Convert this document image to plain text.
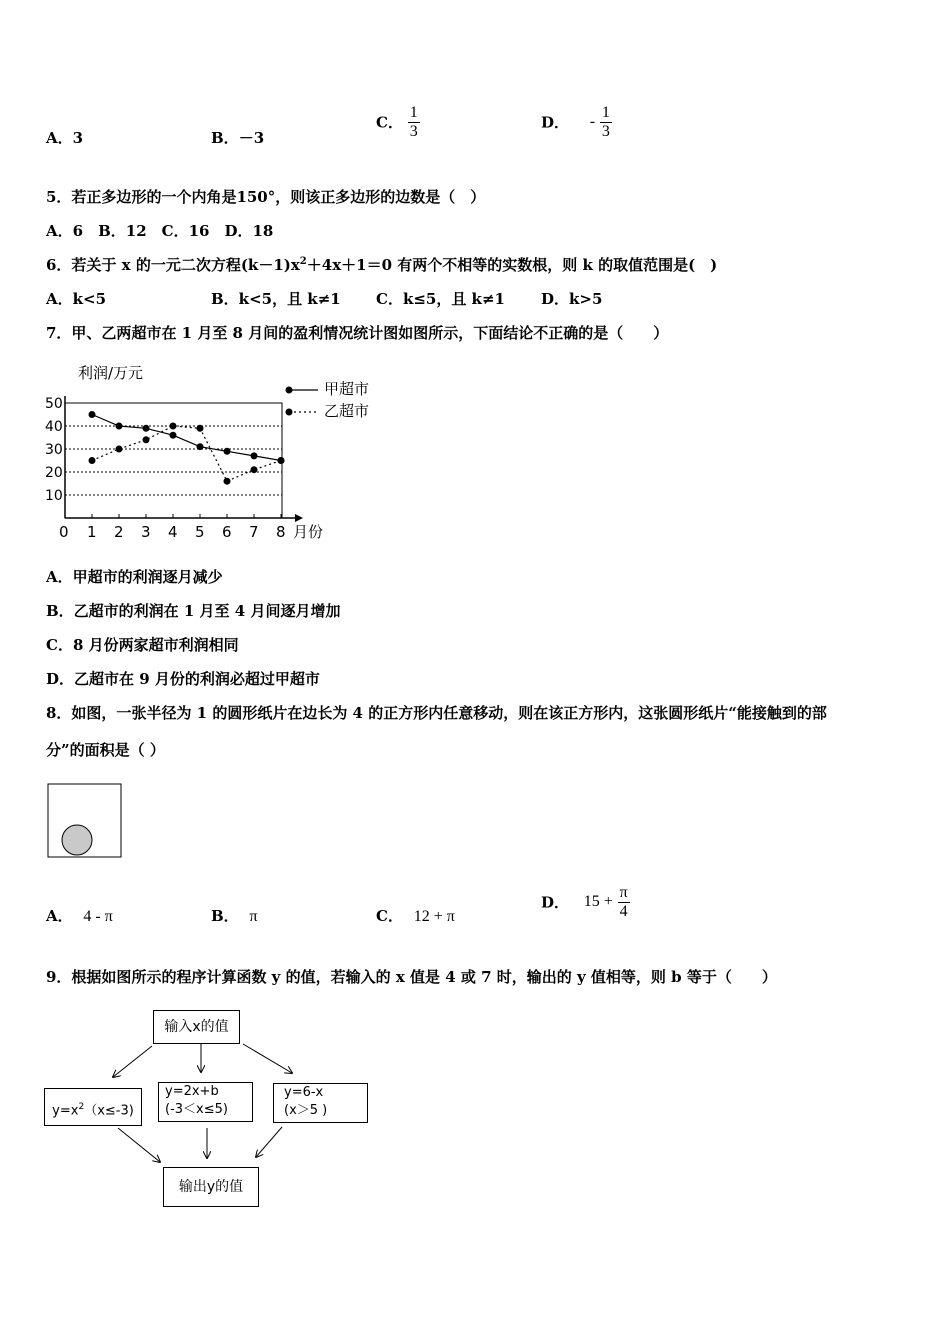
A．3	B．－3
C． $\frac{1}{3}$	D． - $\frac{1}{3}$
5．若正多边形的一个内角是150°，则该正多边形的边数是（　）
A．6　B．12　C．16　D．18
6．若关于 x 的一元二次方程$(k-1)x^2+4x+1=0$ 有两个不相等的实数根，则 k 的取值范围是(　)
A．k<5	B．k<5，且 k≠1 C．k≤5，且 k≠1 D．k>5
7．甲、乙两超市在 1 月至 8 月间的盈利情况统计图如图所示，下面结论不正确的是（　　）
利润/万元
月份
0
10
20
30
40
50
1 2 3 4 5 6 7 8
甲超市
乙超市
A．甲超市的利润逐月减少
B．乙超市的利润在 1 月至 4 月间逐月增加
C．8 月份两家超市利润相同
D．乙超市在 9 月份的利润必超过甲超市
8．如图，一张半径为 1 的圆形纸片在边长为 4 的正方形内任意移动，则在该正方形内，这张圆形纸片“能接触到的部
分”的面积是（ ）
A． 4 - π	B． π	C． 12 + π
D． $15 + \frac{\pi}{4}$
9．根据如图所示的程序计算函数 y 的值，若输入的 x 值是 4 或 7 时，输出的 y 值相等，则 b 等于（　　）
输入x的值
$y=x^2(x\le-3)$
y=2x+b
(-3＜x≤5)
y=6-x
(x＞5 )
输出y的值
